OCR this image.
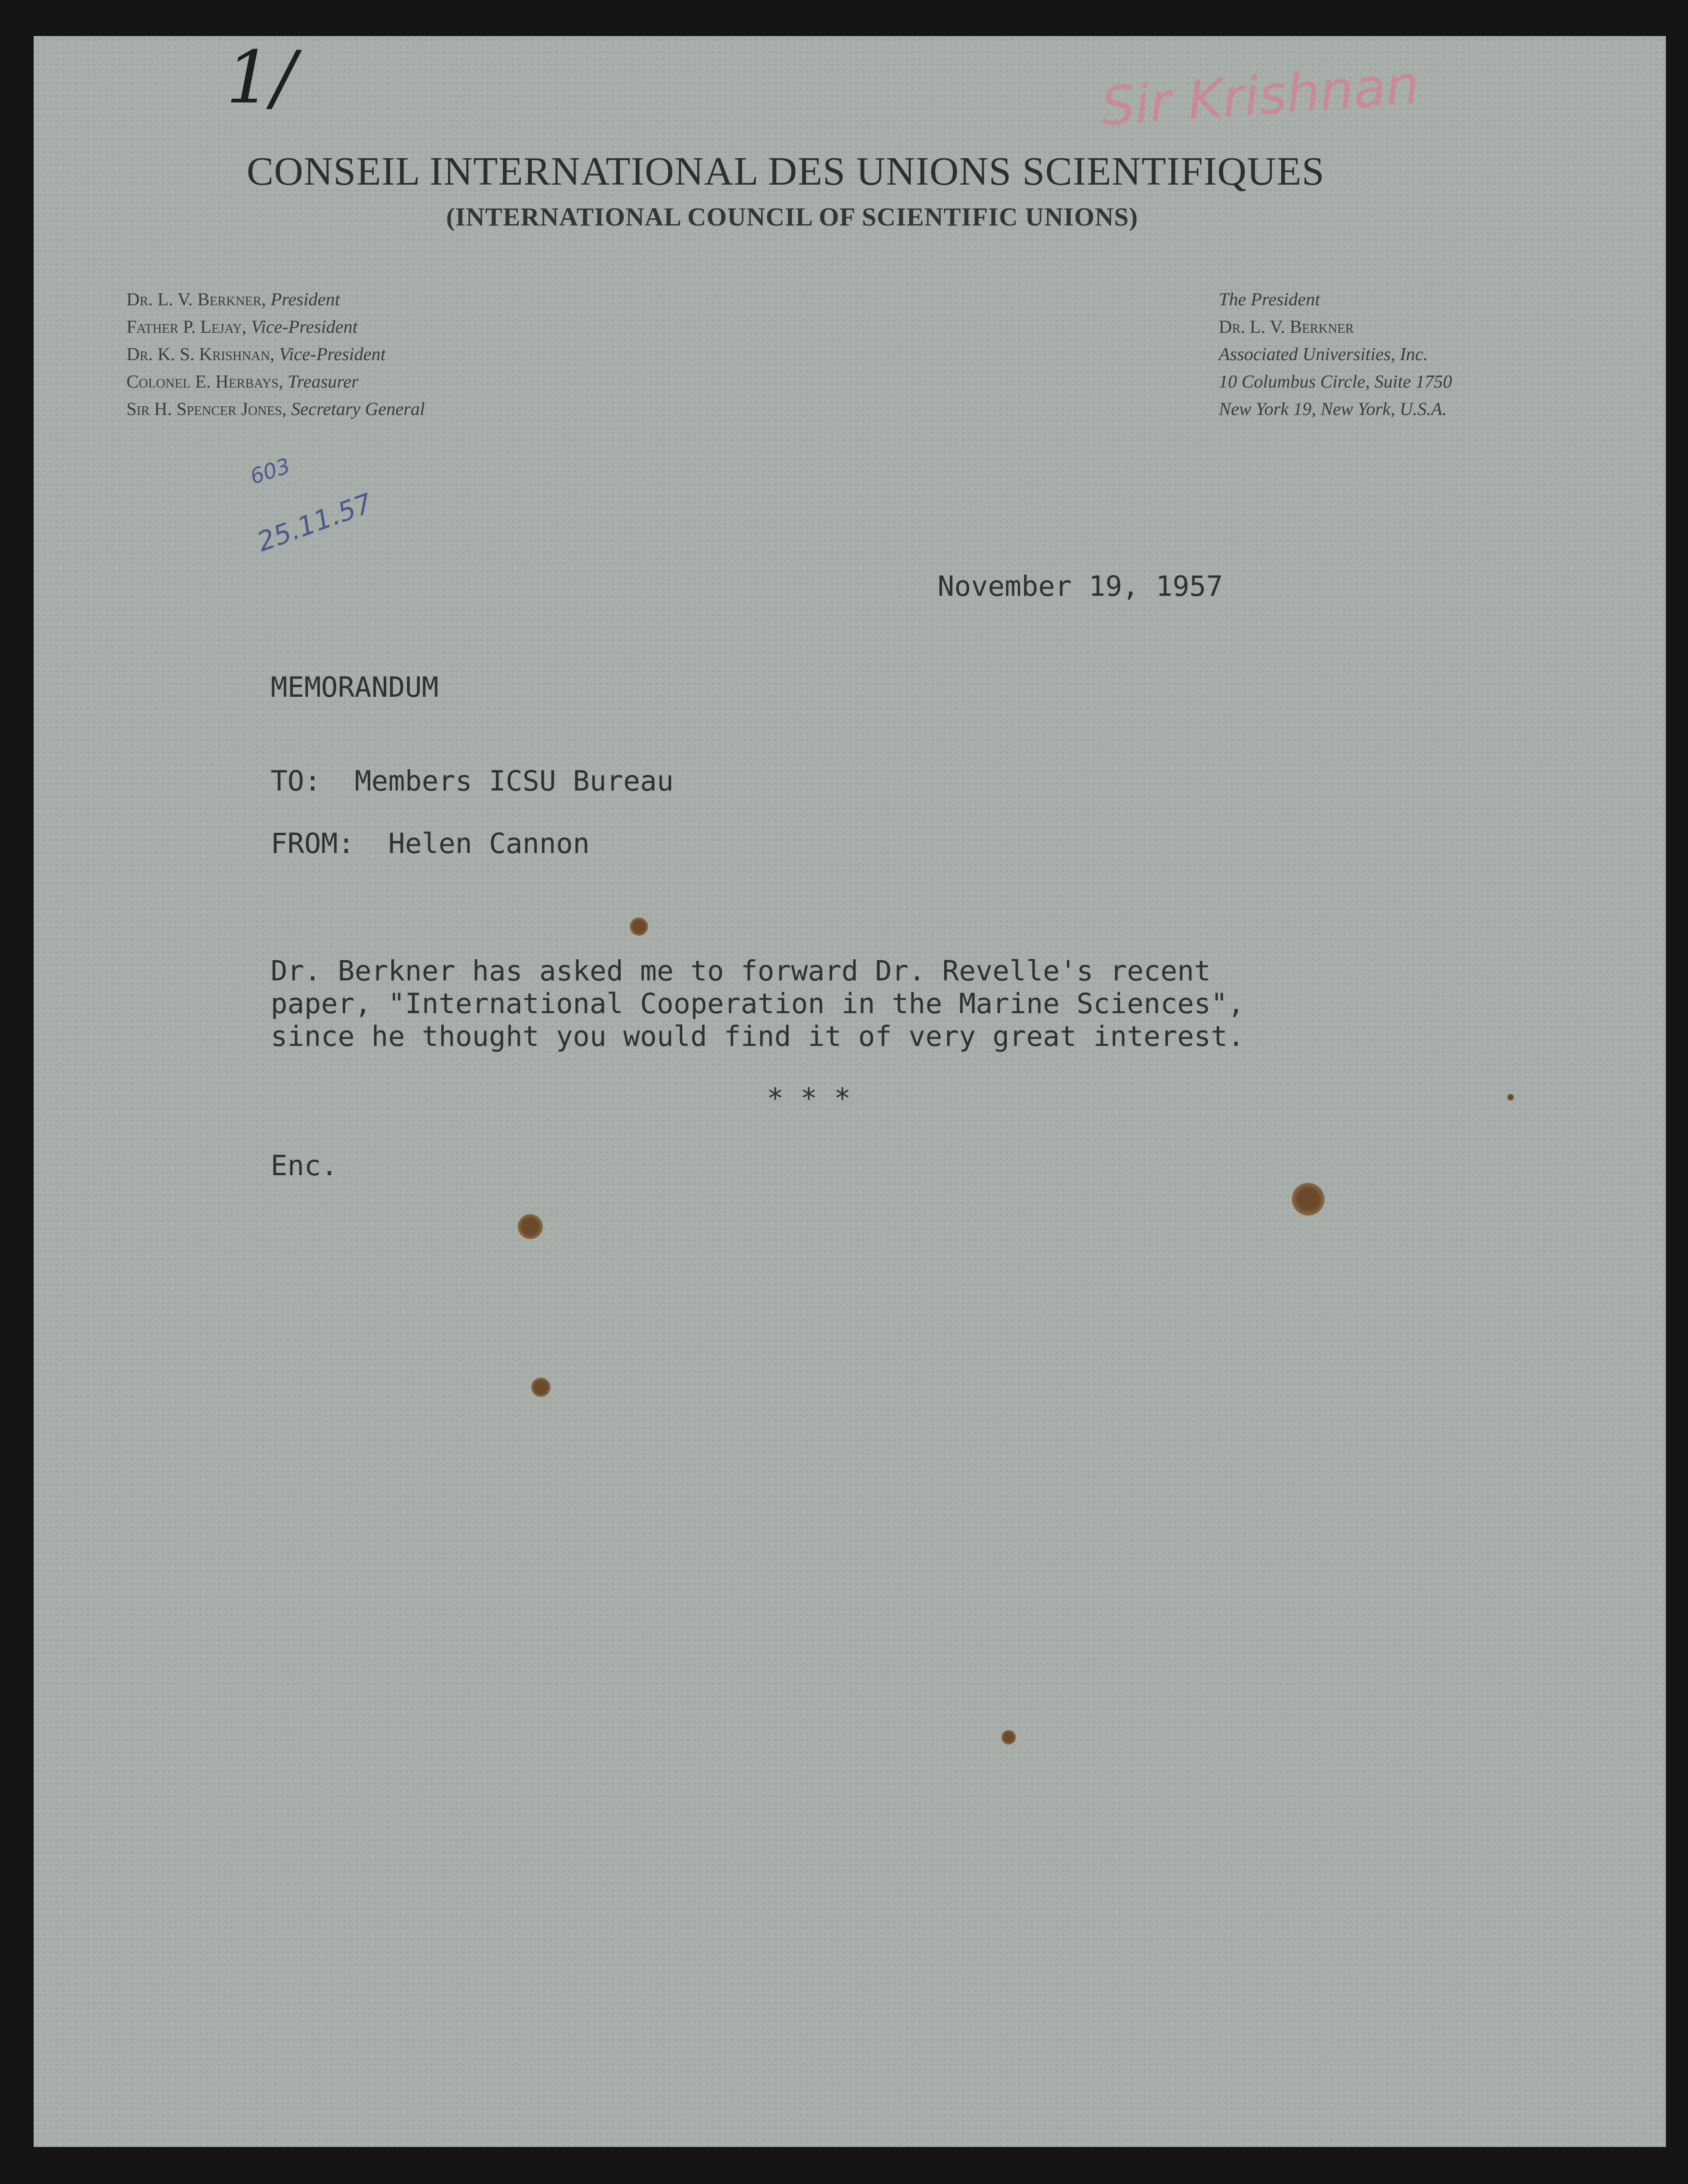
1/	Sir Krishnan
CONSEIL INTERNATIONAL DES UNIONS SCIENTIFIQUES
(INTERNATIONAL COUNCIL OF SCIENTIFIC UNIONS)
Dr. L. V. Berkner, President
Father P. Lejay, Vice-President
Dr. K. S. Krishnan, Vice-President
Colonel E. Herbays, Treasurer
Sir H. Spencer Jones, Secretary General
The President
Dr. L. V. Berkner
Associated Universities, Inc.
10 Columbus Circle, Suite 1750
New York 19, New York, U.S.A.
603
25.11.57
November 19, 1957
MEMORANDUM
TO: Members ICSU Bureau
FROM: Helen Cannon
Dr. Berkner has asked me to forward Dr. Revelle's recent
paper, "International Cooperation in the Marine Sciences",
since he thought you would find it of very great interest.
* * *
Enc.
